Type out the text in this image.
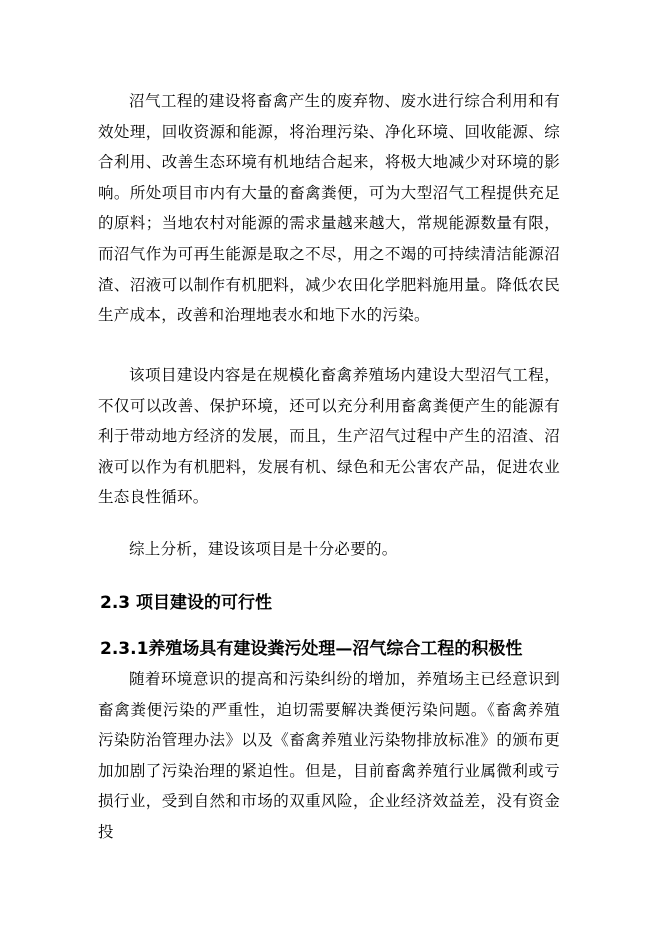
沼气工程的建设将畜禽产生的废弃物、废水进行综合利用和有效处理，回收资源和能源，将治理污染、净化环境、回收能源、综合利用、改善生态环境有机地结合起来，将极大地减少对环境的影响。所处项目市内有大量的畜禽粪便，可为大型沼气工程提供充足的原料；当地农村对能源的需求量越来越大，常规能源数量有限，而沼气作为可再生能源是取之不尽，用之不竭的可持续清洁能源沼渣、沼液可以制作有机肥料，减少农田化学肥料施用量。降低农民生产成本，改善和治理地表水和地下水的污染。

该项目建设内容是在规模化畜禽养殖场内建设大型沼气工程，不仅可以改善、保护环境，还可以充分利用畜禽粪便产生的能源有利于带动地方经济的发展，而且，生产沼气过程中产生的沼渣、沼液可以作为有机肥料，发展有机、绿色和无公害农产品，促进农业生态良性循环。

综上分析，建设该项目是十分必要的。

2.3 项目建设的可行性
2.3.1养殖场具有建设粪污处理—沼气综合工程的积极性

随着环境意识的提高和污染纠纷的增加，养殖场主已经意识到畜禽粪便污染的严重性，迫切需要解决粪便污染问题。《畜禽养殖污染防治管理办法》以及《畜禽养殖业污染物排放标准》的颁布更加加剧了污染治理的紧迫性。但是，目前畜禽养殖行业属微利或亏损行业，受到自然和市场的双重风险，企业经济效益差，没有资金投
